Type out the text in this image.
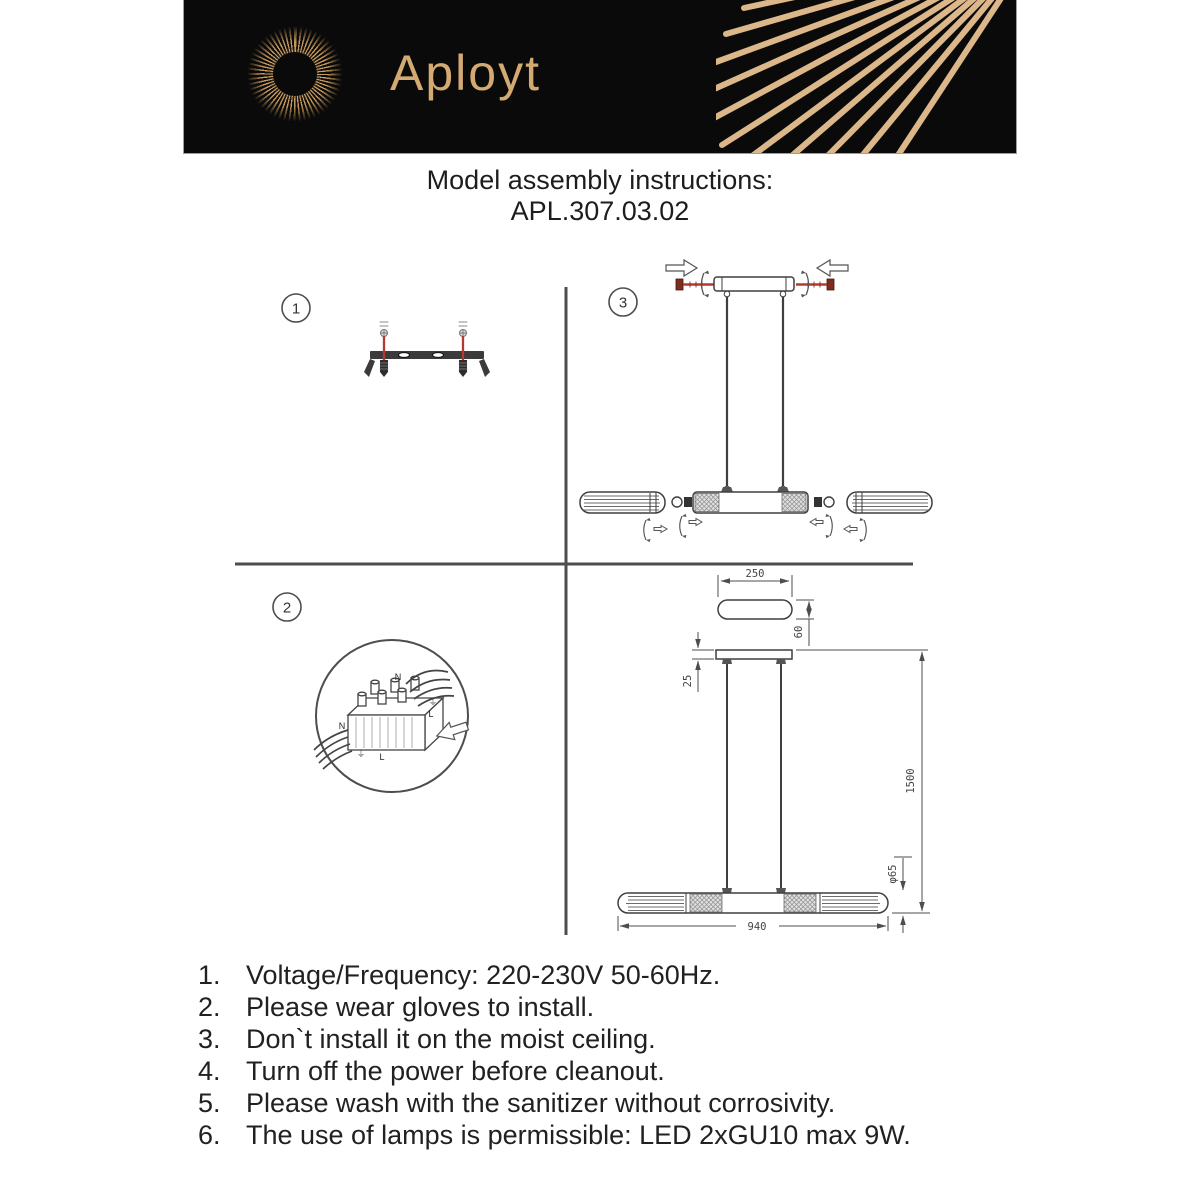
Aployt
Model assembly instructions:
APL.307.03.02
1	3
2
N
⏚
L
N
⏚ L
250
60
25
940
1500
φ65
1. Voltage/Frequency: 220-230V 50-60Hz.
2. Please wear gloves to install.
3. Don`t install it on the moist ceiling.
4. Turn off the power before cleanout.
5. Please wash with the sanitizer without corrosivity.
6. The use of lamps is permissible: LED 2xGU10 max 9W.
